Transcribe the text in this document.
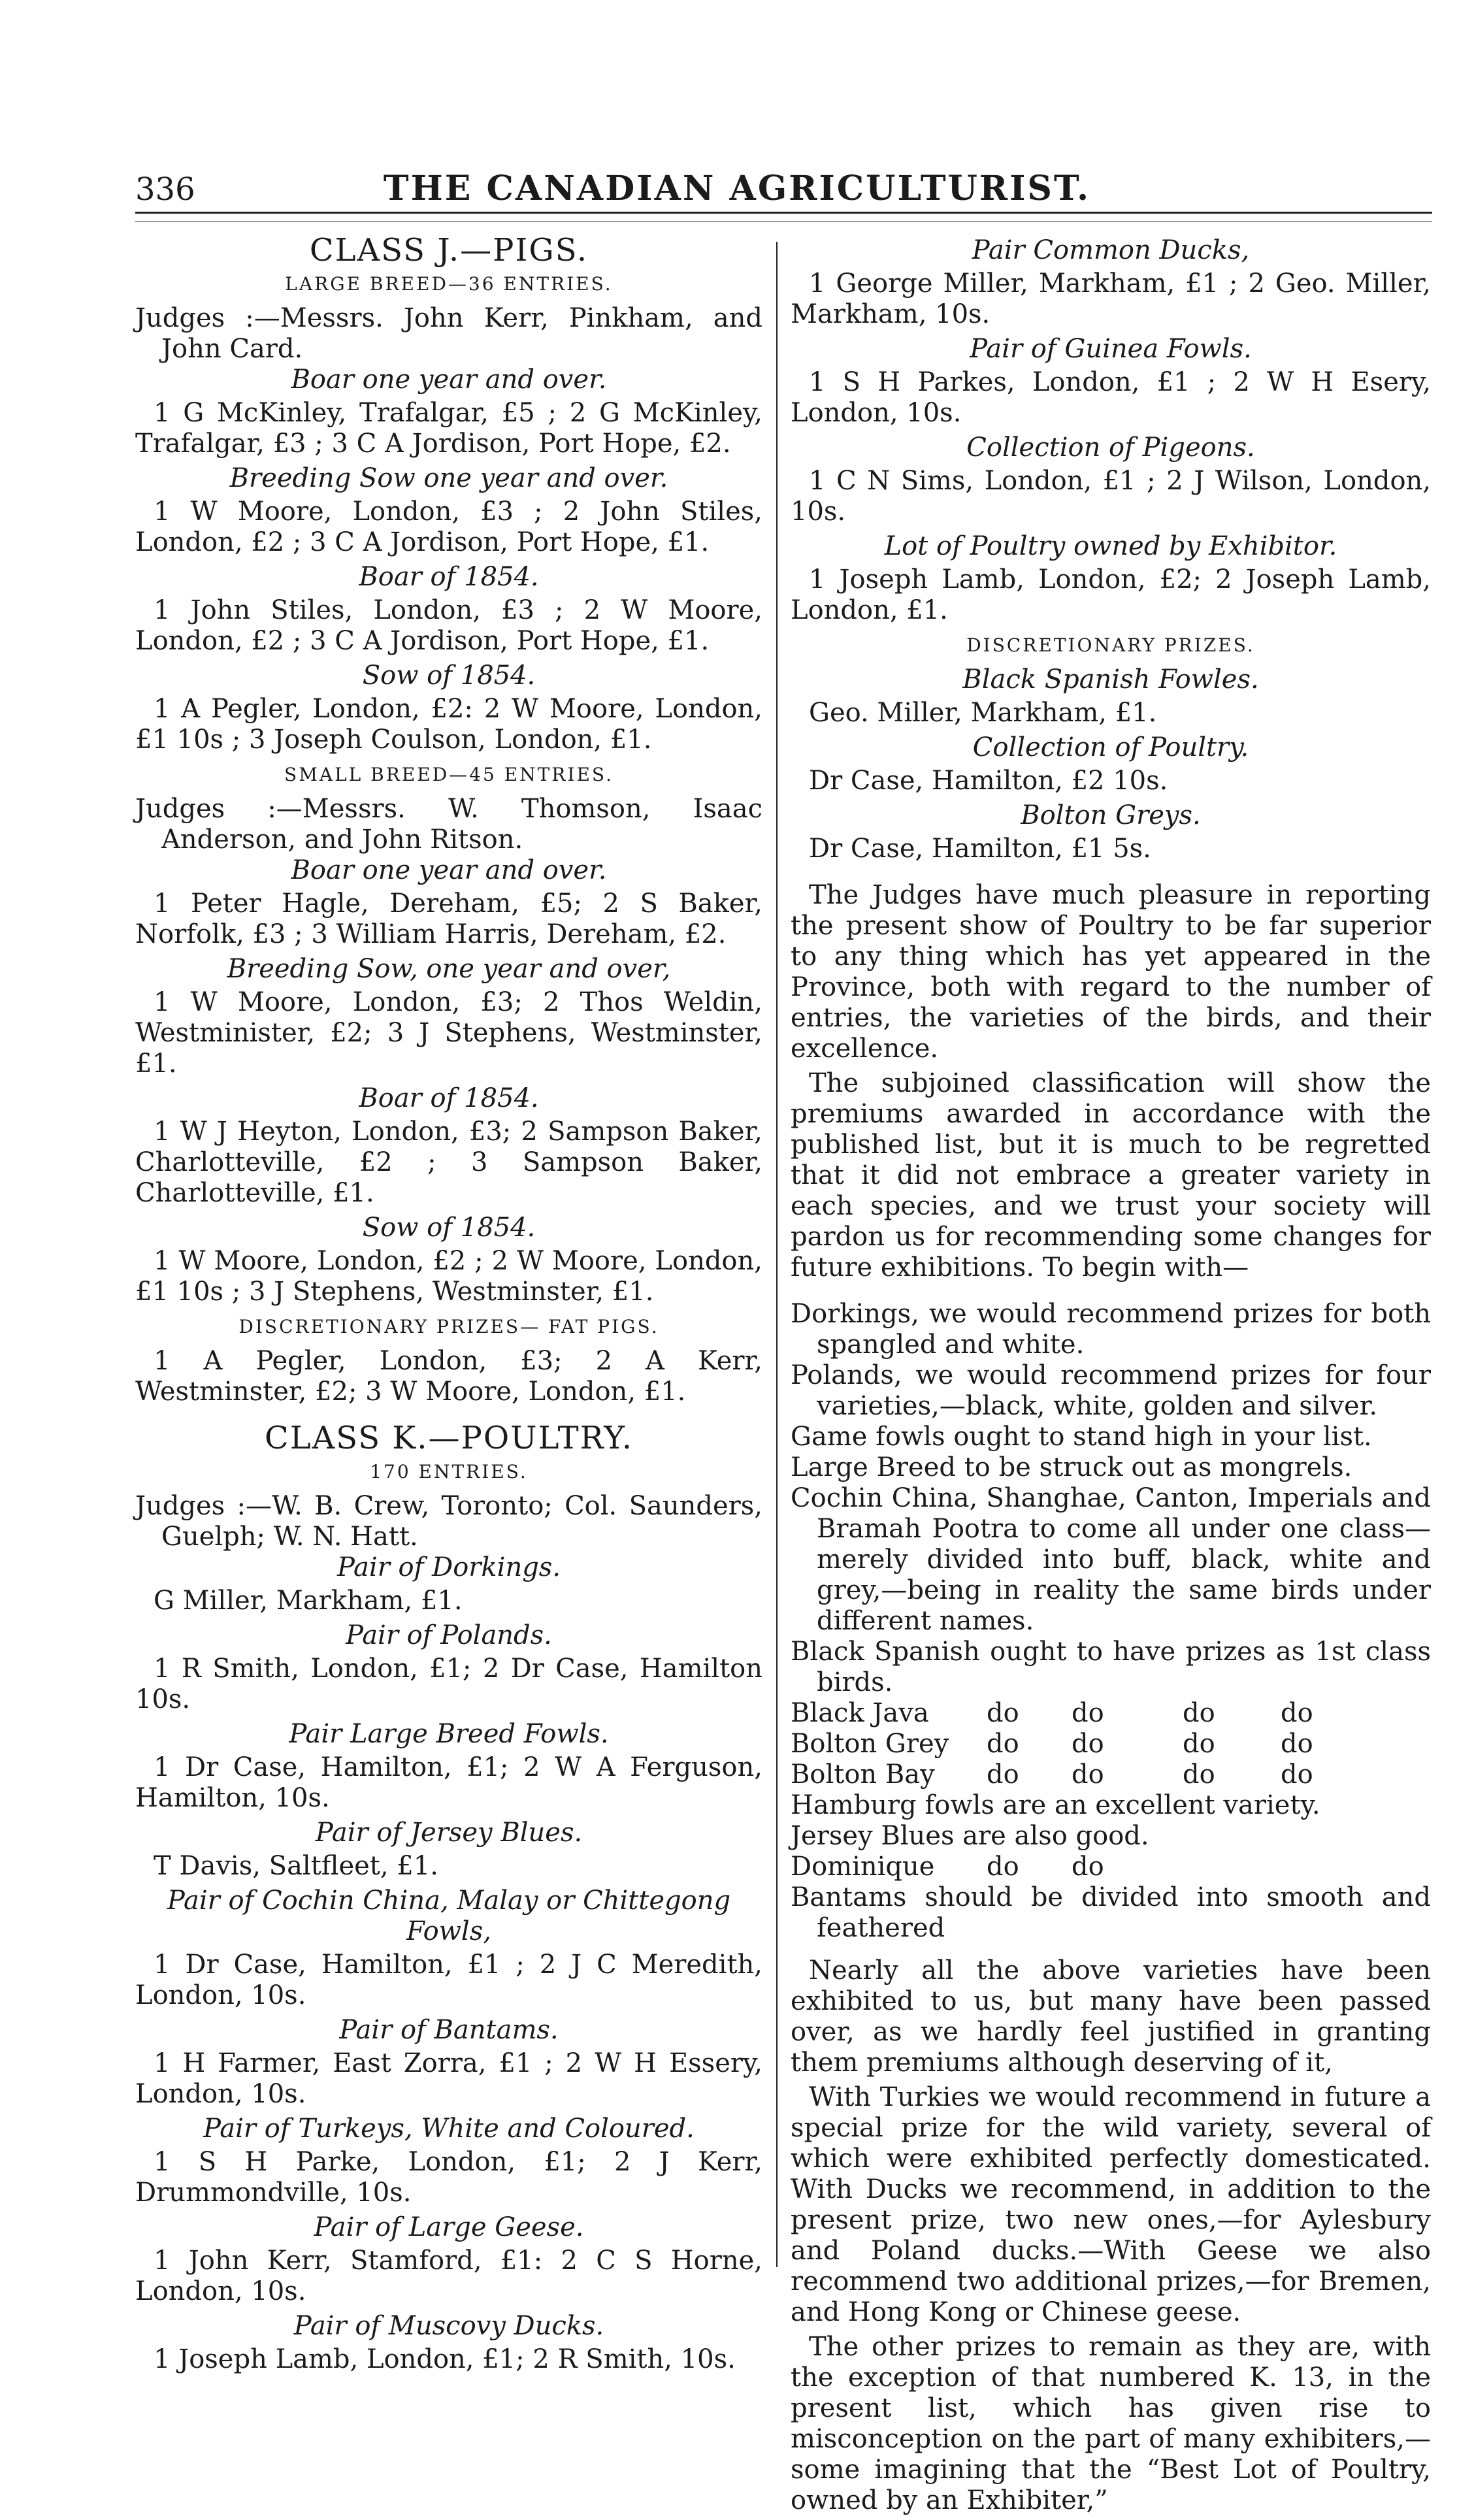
336	THE CANADIAN AGRICULTURIST.
CLASS J.—PIGS.
LARGE BREED—36 ENTRIES.

Judges :—Messrs. John Kerr, Pinkham, and John Card.

Boar one year and over.

1 G McKinley, Trafalgar, £5 ; 2 G McKinley, Trafalgar, £3 ; 3 C A Jordison, Port Hope, £2.

Breeding Sow one year and over.

1 W Moore, London, £3 ; 2 John Stiles, London, £2 ; 3 C A Jordison, Port Hope, £1.

Boar of 1854.

1 John Stiles, London, £3 ; 2 W Moore, London, £2 ; 3 C A Jordison, Port Hope, £1.

Sow of 1854.

1 A Pegler, London, £2: 2 W Moore, London, £1 10s ; 3 Joseph Coulson, London, £1.

SMALL BREED—45 ENTRIES.

Judges :—Messrs. W. Thomson, Isaac Anderson, and John Ritson.

Boar one year and over.

1 Peter Hagle, Dereham, £5; 2 S Baker, Norfolk, £3 ; 3 William Harris, Dereham, £2.

Breeding Sow, one year and over,

1 W Moore, London, £3; 2 Thos Weldin, Westminister, £2; 3 J Stephens, Westminster, £1.

Boar of 1854.

1 W J Heyton, London, £3; 2 Sampson Baker, Charlotteville, £2 ; 3 Sampson Baker, Charlotteville, £1.

Sow of 1854.

1 W Moore, London, £2 ; 2 W Moore, London, £1 10s ; 3 J Stephens, Westminster, £1.

DISCRETIONARY PRIZES— FAT PIGS.

1 A Pegler, London, £3; 2 A Kerr, Westminster, £2; 3 W Moore, London, £1.

CLASS K.—POULTRY.
170 ENTRIES.

Judges :—W. B. Crew, Toronto; Col. Saunders, Guelph; W. N. Hatt.

Pair of Dorkings.

G Miller, Markham, £1.

Pair of Polands.

1 R Smith, London, £1; 2 Dr Case, Hamilton 10s.

Pair Large Breed Fowls.

1 Dr Case, Hamilton, £1; 2 W A Ferguson, Hamilton, 10s.

Pair of Jersey Blues.

T Davis, Saltfleet, £1.

Pair of Cochin China, Malay or Chittegong Fowls,

1 Dr Case, Hamilton, £1 ; 2 J C Meredith, London, 10s.

Pair of Bantams.

1 H Farmer, East Zorra, £1 ; 2 W H Essery, London, 10s.

Pair of Turkeys, White and Coloured.

1 S H Parke, London, £1; 2 J Kerr, Drummondville, 10s.

Pair of Large Geese.

1 John Kerr, Stamford, £1: 2 C S Horne, London, 10s.

Pair of Muscovy Ducks.

1 Joseph Lamb, London, £1; 2 R Smith, 10s.

Pair Common Ducks,

1 George Miller, Markham, £1 ; 2 Geo. Miller, Markham, 10s.

Pair of Guinea Fowls.

1 S H Parkes, London, £1 ; 2 W H Esery, London, 10s.

Collection of Pigeons.

1 C N Sims, London, £1 ; 2 J Wilson, London, 10s.

Lot of Poultry owned by Exhibitor.

1 Joseph Lamb, London, £2; 2 Joseph Lamb, London, £1.

DISCRETIONARY PRIZES.
Black Spanish Fowles.

Geo. Miller, Markham, £1.

Collection of Poultry.

Dr Case, Hamilton, £2 10s.

Bolton Greys.

Dr Case, Hamilton, £1 5s.

The Judges have much pleasure in reporting the present show of Poultry to be far superior to any thing which has yet appeared in the Province, both with regard to the number of entries, the varieties of the birds, and their excellence.

The subjoined classification will show the premiums awarded in accordance with the published list, but it is much to be regretted that it did not embrace a greater variety in each species, and we trust your society will pardon us for recommending some changes for future exhibitions. To begin with—

Dorkings, we would recommend prizes for both spangled and white.

Polands, we would recommend prizes for four varieties,—black, white, golden and silver.

Game fowls ought to stand high in your list.

Large Breed to be struck out as mongrels.

Cochin China, Shanghae, Canton, Imperials and Bramah Pootra to come all under one class—merely divided into buff, black, white and grey,—being in reality the same birds under different names.

Black Spanish ought to have prizes as 1st class birds.

Black Java	do	do	do	do
Bolton Grey	do	do	do	do
Bolton Bay	do	do	do	do

Hamburg fowls are an excellent variety.

Jersey Blues are also good.

Dominique	do	do

Bantams should be divided into smooth and feathered

Nearly all the above varieties have been exhibited to us, but many have been passed over, as we hardly feel justified in granting them premiums although deserving of it,

With Turkies we would recommend in future a special prize for the wild variety, several of which were exhibited perfectly domesticated. With Ducks we recommend, in addition to the present prize, two new ones,—for Aylesbury and Poland ducks.—With Geese we also recommend two additional prizes,—for Bremen, and Hong Kong or Chinese geese.

The other prizes to remain as they are, with the exception of that numbered K. 13, in the present list, which has given rise to misconception on the part of many exhibiters,—some imagining that the “Best Lot of Poultry, owned by an Exhibiter,”
